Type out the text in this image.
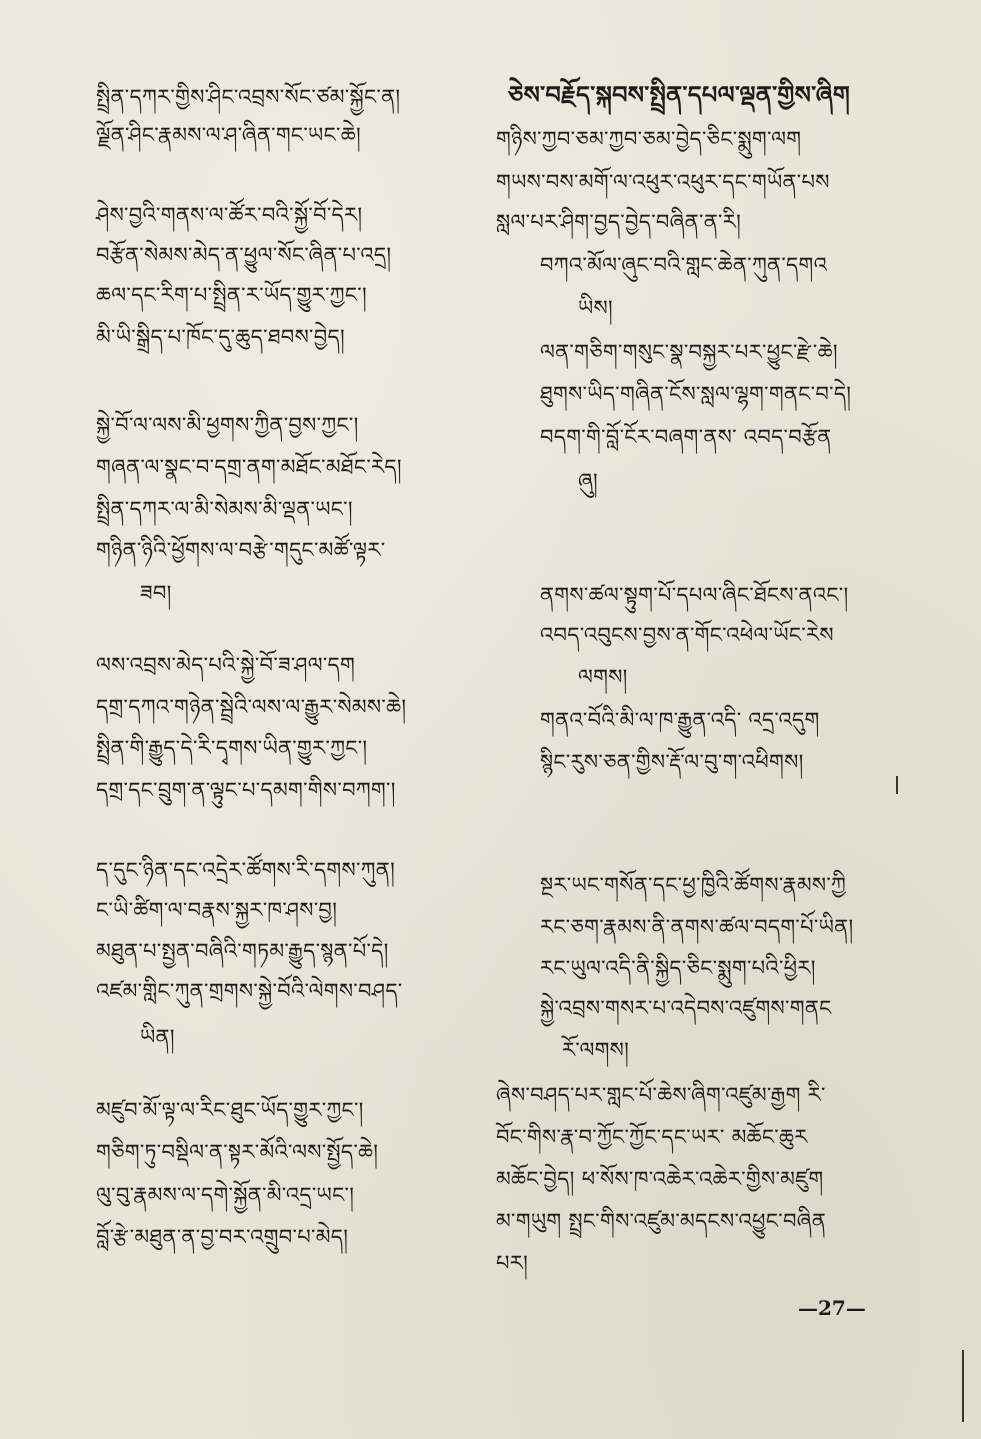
སྤྲིན་དཀར་གྱིས་ཤིང་འབྲས་སོང་ཙམ་སྐྱོང་ན།
ལྗོན་ཤིང་རྣམས་ལ་ཤ་ཞིན་གང་ཡང་ཆེ།
ཤེས་བྱའི་གནས་ལ་ཚོར་བའི་སྐྱོ་བོ་དེར།
བརྩོན་སེམས་མེད་ན་ཕྱུལ་སོང་ཞིན་པ་འདྲ།
ཆལ་དང་རིག་པ་སྤྲིན་ར་ཡོད་གྱུར་ཀྱང་།
མི་ཡི་སྒྲིད་པ་ཁོང་དུ་ཆུད་ཐབས་བྱེད།
སྐྱེ་བོ་ལ་ལས་མི་ཕྱགས་ཀྱིན་བྱས་ཀྱང་།
གཞན་ལ་སྣང་བ་དགྲ་ནག་མཐོང་མཐོང་རེད།
སྤྲིན་དཀར་ལ་མི་སེམས་མི་ལྡན་ཡང་།
གཉིན་ཉིའི་ཕྱོགས་ལ་བརྩེ་གདུང་མཚོ་ལྟར་
ཟབ།
ལས་འབྲས་མེད་པའི་སྐྱེ་བོ་ཟ་ཤལ་དག
དགྲ་དཀའ་གཉེན་སྦྲེའི་ལས་ལ་རྒྱུར་སེམས་ཆེ།
སྤྲིན་གི་རྒྱུད་དེ་རི་དྭགས་ཡིན་གྱུར་ཀྱང་།
དགྲ་དང་བྲུག་ན་ལྟུང་པ་དམག་གིས་བཀག་།
ད་དུང་ཉིན་དང་འདྲེར་ཚོགས་རི་དགས་ཀུན།
ང་ཡི་ཚིག་ལ་བརྣས་སྐྱར་ཁ་ཤས་བྱ།
མཐུན་པ་སྤྱན་བཞིའི་གཏམ་རྒྱུད་སྙན་པོ་དེ།
འཛམ་གླིང་ཀུན་གྲགས་སྐྱེ་བོའི་ལེགས་བཤད་
ཡིན།
མཛུབ་མོ་ལྟ་ལ་རིང་ཐུང་ཡོད་གྱུར་ཀྱང་།
གཅིག་ཏུ་བསྡིལ་ན་སྟར་མོའི་ལས་སྤྱོད་ཆེ།
ལུ་བུ་རྣམས་ལ་དགེ་སྐྱོན་མི་འདྲ་ཡང་།
བློ་རྩེ་མཐུན་ན་བྱ་བར་འགྲུབ་པ་མེད།
ཅེས་བརྗོད་སྐབས་སྤྲིན་དཔལ་ལྡན་གྱིས་ཞིག
གཉིས་ཀྱབ་ཅམ་ཀྱབ་ཅམ་བྱེད་ཅིང་སྨུག་ལག
གཡས་བས་མགོ་ལ་འཕུར་འཕུར་དང་གཡོན་པས
སླལ་པར་ཤིག་བྱད་བྱེད་བཞིན་ན་རི།
བཀའ་མོལ་ཞུང་བའི་གླང་ཆེན་ཀུན་དགའ
ཡིས།
ལན་གཅིག་གསུང་སྣ་བསྐྱར་པར་ཕྱུང་རྫེ་ཆེ།
ཐུགས་ཡིད་གཞིན་ངོས་སླལ་ལྷག་གནང་བ་དེ།
བདག་གི་བློ་ངོར་བཞག་ནས་ འབད་བརྩོན
ཞུ།
ནགས་ཚལ་སྟུག་པོ་དཔལ་ཞིང་ཐོངས་ནའང་།
འབད་འབུངས་བྱས་ན་གོང་འཕེལ་ཡོང་རེས
ལགས།
གནའ་བོའི་མི་ལ་ཁ་རྒྱུན་འདི་ འདྲ་འདུག
སྙིང་རུས་ཅན་གྱིས་རྡོ་ལ་བུ་ག་འཕིགས།
སྔར་ཡང་གསོན་དང་ཕྱ་ཁྱིའི་ཚོགས་རྣམས་ཀྱི
རང་ཅག་རྣམས་ནི་ནགས་ཚལ་བདག་པོ་ཡིན།
རང་ཡུལ་འདི་ནི་སྐྱིད་ཅིང་སྨུག་པའི་ཕྱིར།
སྐྱེ་འབྲས་གསར་པ་འདེབས་འཛུགས་གནང
རོ་ལགས།
ཞེས་བཤད་པར་གླང་པོ་ཆེས་ཞིག་འཛུམ་རྒྱག རི་
བོང་གིས་རྣ་བ་ཀྱོང་ཀྱོང་དང་ཡར་ མཆོང་ཆུར
མཆོང་བྱེད། ཕ་སོས་ཁ་འཆེར་འཆེར་གྱིས་མཛུག
མ་གཡུག སྤྲང་གིས་འཛུམ་མདངས་འཕྱུང་བཞིན
པར།
—27—
